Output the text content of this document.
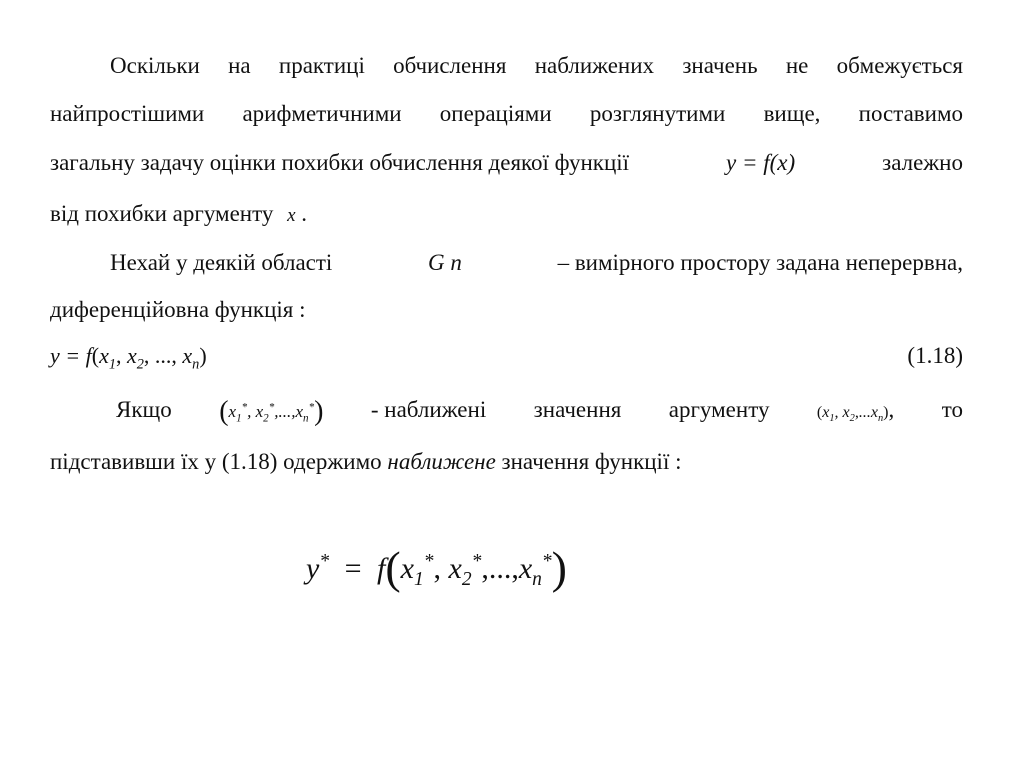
Оскільки на практиці обчислення наближених значень не обмежується
найпростішими арифметичними операціями розглянутими вище, поставимо
загальну задачу оцінки похибки обчислення деякої функції	y = f(x)	залежно
від похибки аргументу x .
Нехай у деякій області	G n	– вимірного простору задана неперервна,
диференційовна функція :
$y = f(x_1$, $x_2$, ..., $x_n$)	(1.18)
Якщо ($x_1^*$, $x_2^*,...,x_n^*$) - наближені значення аргументу	($x_1$, $x_2,...x_n$), то
підставивши їх у (1.18) одержимо наближене значення функції :
$y^* = f(x_1^*$, $x_2^*,...,x_n^*$)
